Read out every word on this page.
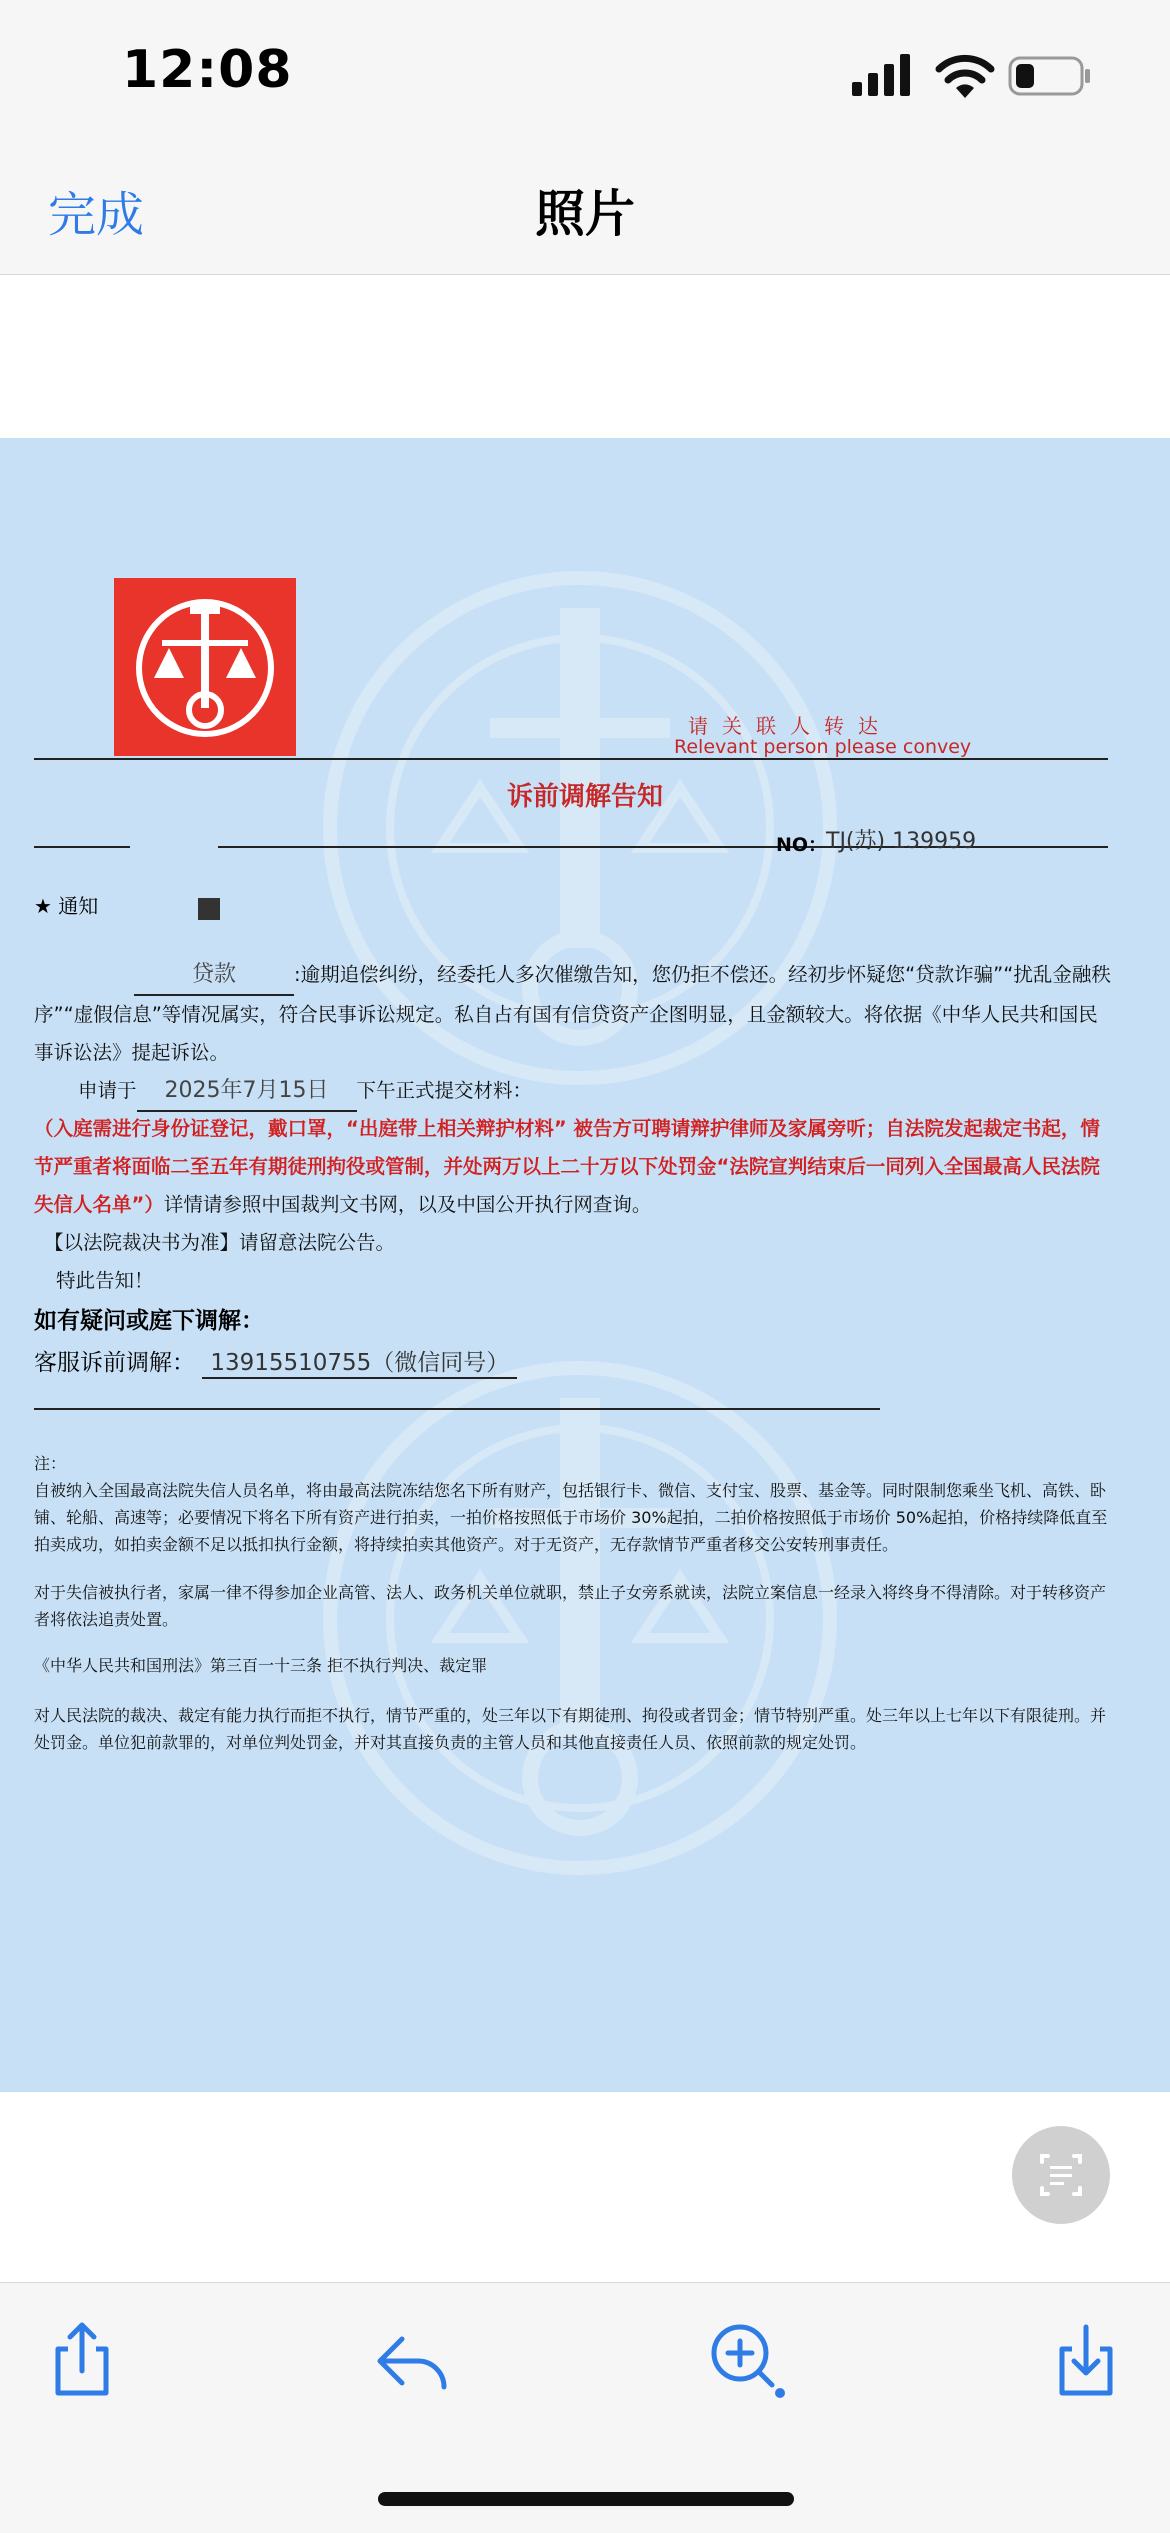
12:08
完成	照片
请关联人转达
Relevant person please convey
诉前调解告知
NO：
TJ(苏) 139959
★ 通知
贷款	:逾期追偿纠纷，经委托人多次催缴告知，您仍拒不偿还。经初步怀疑您“贷款诈骗”“扰乱金融秩序”“虚假信息”等情况属实，符合民事诉讼规定。私自占有国有信贷资产企图明显，且金额较大。将依据《中华人民共和国民事诉讼法》提起诉讼。
申请于 2025年7月15日 下午正式提交材料：
（入庭需进行身份证登记，戴口罩，“出庭带上相关辩护材料” 被告方可聘请辩护律师及家属旁听；自法院发起裁定书起，情节严重者将面临二至五年有期徒刑拘役或管制，并处两万以上二十万以下处罚金“法院宣判结束后一同列入全国最高人民法院失信人名单”）详情请参照中国裁判文书网，以及中国公开执行网查询。
【以法院裁决书为准】请留意法院公告。
特此告知！
如有疑问或庭下调解：
客服诉前调解： 13915510755（微信同号）
注：
自被纳入全国最高法院失信人员名单，将由最高法院冻结您名下所有财产，包括银行卡、微信、支付宝、股票、基金等。同时限制您乘坐飞机、高铁、卧铺、轮船、高速等；必要情况下将名下所有资产进行拍卖，一拍价格按照低于市场价 30%起拍，二拍价格按照低于市场价 50%起拍，价格持续降低直至拍卖成功，如拍卖金额不足以抵扣执行金额，将持续拍卖其他资产。对于无资产，无存款情节严重者移交公安转刑事责任。
对于失信被执行者，家属一律不得参加企业高管、法人、政务机关单位就职，禁止子女旁系就读，法院立案信息一经录入将终身不得清除。对于转移资产者将依法追责处置。
《中华人民共和国刑法》第三百一十三条 拒不执行判决、裁定罪
对人民法院的裁决、裁定有能力执行而拒不执行，情节严重的，处三年以下有期徒刑、拘役或者罚金；情节特别严重。处三年以上七年以下有限徒刑。并处罚金。单位犯前款罪的，对单位判处罚金，并对其直接负责的主管人员和其他直接责任人员、依照前款的规定处罚。
